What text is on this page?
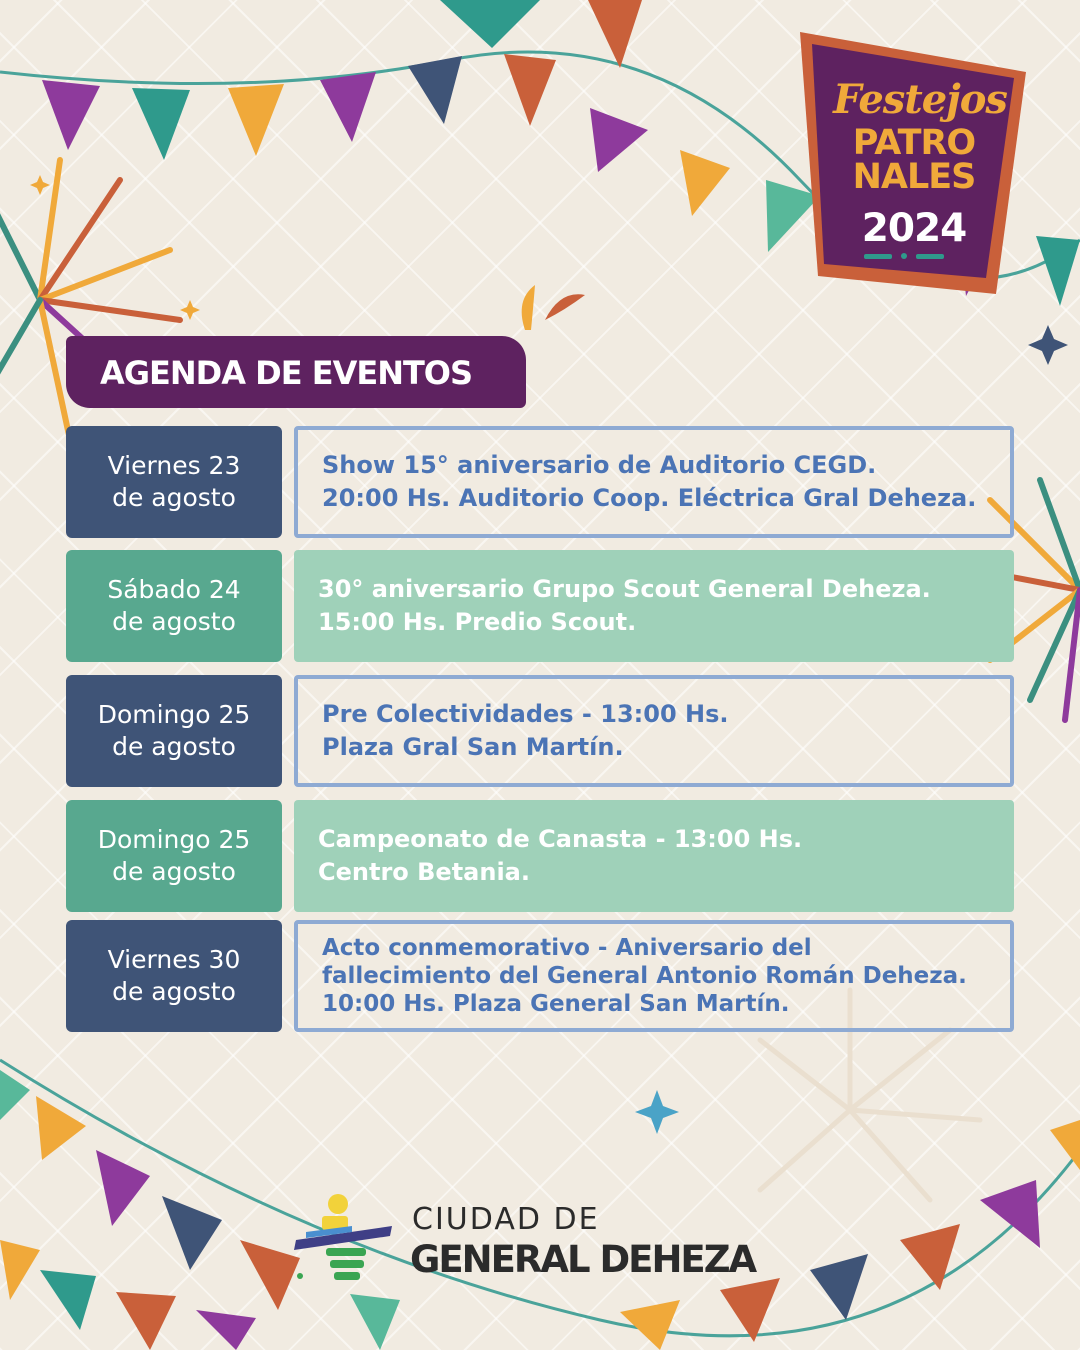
Festejos
PATRO
NALES
2024
AGENDA DE EVENTOS
Viernes 23
de agosto
Show 15° aniversario de Auditorio CEGD.
20:00 Hs. Auditorio Coop. Eléctrica Gral Deheza.
Sábado 24
de agosto
30° aniversario Grupo Scout General Deheza.
15:00 Hs. Predio Scout.
Domingo 25
de agosto
Pre Colectividades - 13:00 Hs.
Plaza Gral San Martín.
Domingo 25
de agosto
Campeonato de Canasta - 13:00 Hs.
Centro Betania.
Viernes 30
de agosto
Acto conmemorativo - Aniversario del
fallecimiento del General Antonio Román Deheza.
10:00 Hs. Plaza General San Martín.
CIUDAD DE
GENERAL DEHEZA
